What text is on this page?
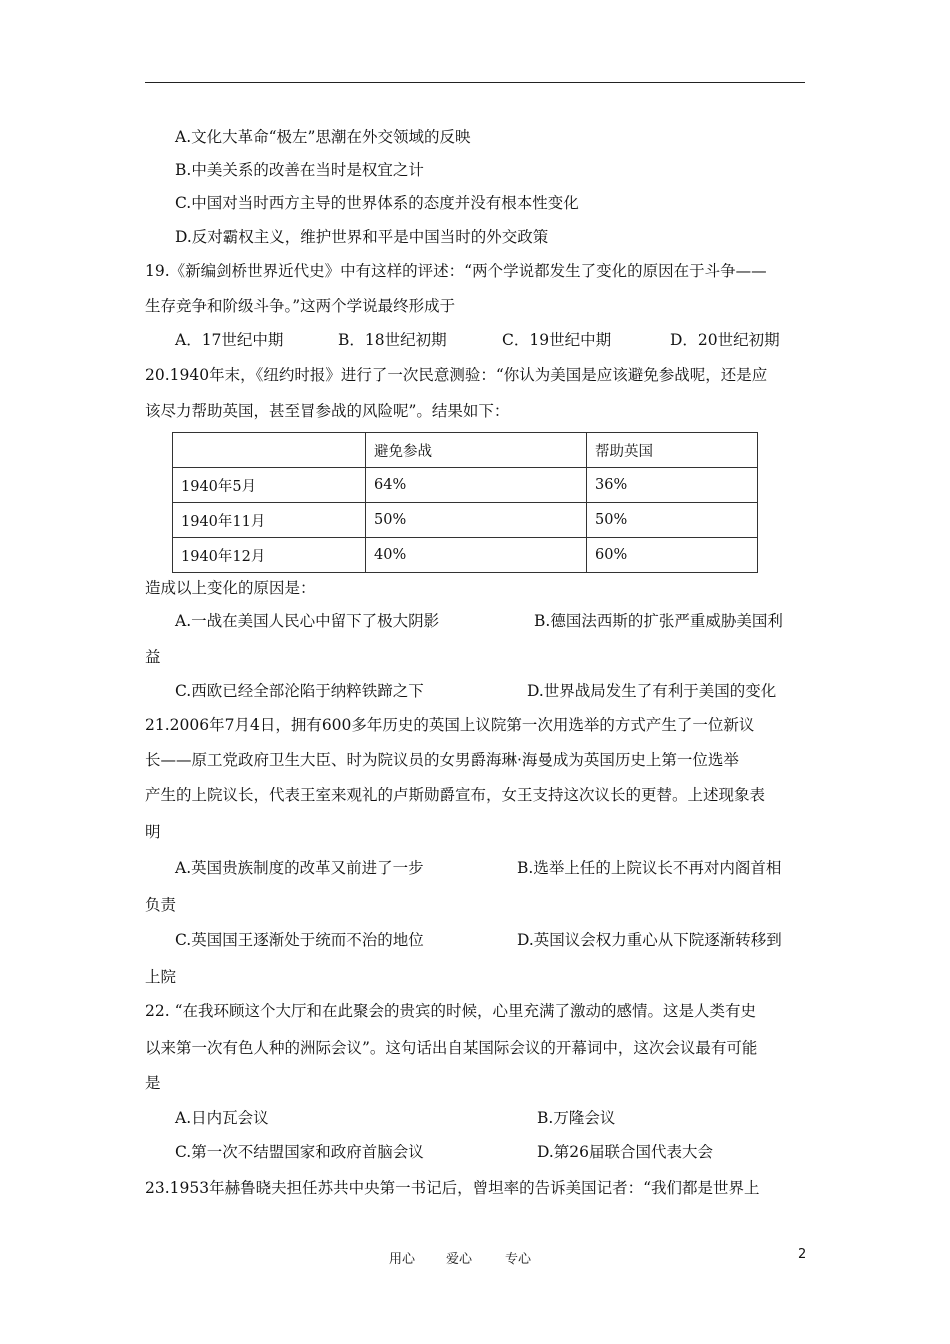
A.文化大革命“极左”思潮在外交领域的反映
B.中美关系的改善在当时是权宜之计
C.中国对当时西方主导的世界体系的态度并没有根本性变化
D.反对霸权主义，维护世界和平是中国当时的外交政策
19.《新编剑桥世界近代史》中有这样的评述：“两个学说都发生了变化的原因在于斗争——
生存竞争和阶级斗争。”这两个学说最终形成于
A．17世纪中期	B．18世纪初期	C．19世纪中期	D．20世纪初期
20.1940年末，《纽约时报》进行了一次民意测验：“你认为美国是应该避免参战呢，还是应
该尽力帮助英国，甚至冒参战的风险呢”。结果如下：
	避免参战	帮助英国
1940年5月	64%	36%
1940年11月	50%	50%
1940年12月	40%	60%
造成以上变化的原因是：
A.一战在美国人民心中留下了极大阴影	B.德国法西斯的扩张严重威胁美国利
益
C.西欧已经全部沦陷于纳粹铁蹄之下	D.世界战局发生了有利于美国的变化
21.2006年7月4日，拥有600多年历史的英国上议院第一次用选举的方式产生了一位新议
长——原工党政府卫生大臣、时为院议员的女男爵海琳·海曼成为英国历史上第一位选举
产生的上院议长，代表王室来观礼的卢斯勋爵宣布，女王支持这次议长的更替。上述现象表
明
A.英国贵族制度的改革又前进了一步	B.选举上任的上院议长不再对内阁首相
负责
C.英国国王逐渐处于统而不治的地位	D.英国议会权力重心从下院逐渐转移到
上院
22. “在我环顾这个大厅和在此聚会的贵宾的时候，心里充满了激动的感情。这是人类有史
以来第一次有色人种的洲际会议”。这句话出自某国际会议的开幕词中，这次会议最有可能
是
A.日内瓦会议	B.万隆会议
C.第一次不结盟国家和政府首脑会议	D.第26届联合国代表大会
23.1953年赫鲁晓夫担任苏共中央第一书记后，曾坦率的告诉美国记者：“我们都是世界上
用心 爱心	专心	2
